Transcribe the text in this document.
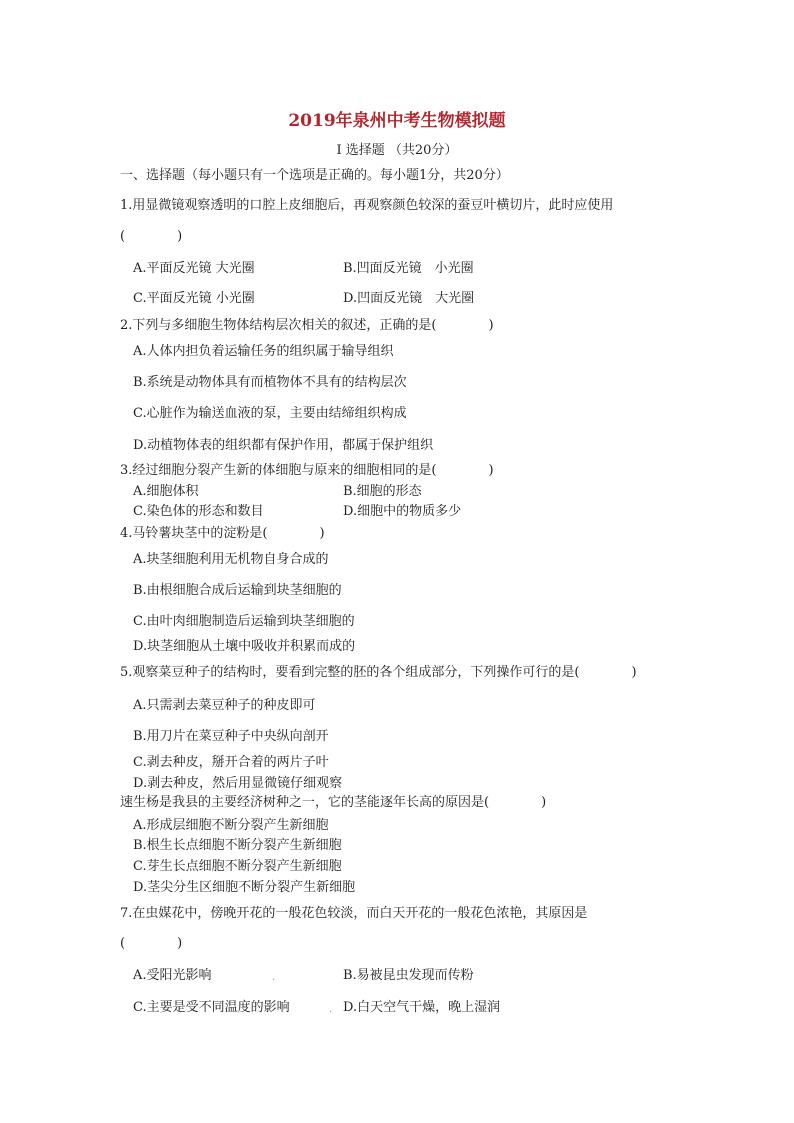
2019年泉州中考生物模拟题
I 选择题 （共20分）
一、选择题（每小题只有一个选项是正确的。每小题1分，共20分）
1.用显微镜观察透明的口腔上皮细胞后，再观察颜色较深的蚕豆叶横切片，此时应使用
(　　　　)
A.平面反光镜 大光圈	B.凹面反光镜　小光圈
C.平面反光镜 小光圈	D.凹面反光镜　大光圈
2.下列与多细胞生物体结构层次相关的叙述，正确的是(　　　　)
A.人体内担负着运输任务的组织属于输导组织
B.系统是动物体具有而植物体不具有的结构层次
C.心脏作为输送血液的泵，主要由结缔组织构成
D.动植物体表的组织都有保护作用，都属于保护组织
3.经过细胞分裂产生新的体细胞与原来的细胞相同的是(　　　　)
A.细胞体积	B.细胞的形态
C.染色体的形态和数目	D.细胞中的物质多少
4.马铃薯块茎中的淀粉是(　　　　)
A.块茎细胞利用无机物自身合成的
B.由根细胞合成后运输到块茎细胞的
C.由叶肉细胞制造后运输到块茎细胞的
D.块茎细胞从土壤中吸收并积累而成的
5.观察菜豆种子的结构时，要看到完整的胚的各个组成部分，下列操作可行的是(　　　　)
A.只需剥去菜豆种子的种皮即可
B.用刀片在菜豆种子中央纵向剖开
C.剥去种皮，掰开合着的两片子叶
D.剥去种皮，然后用显微镜仔细观察
速生杨是我县的主要经济树种之一，它的茎能逐年长高的原因是(　　　　)
A.形成层细胞不断分裂产生新细胞
B.根生长点细胞不断分裂产生新细胞
C.芽生长点细胞不断分裂产生新细胞
D.茎尖分生区细胞不断分裂产生新细胞
7.在虫媒花中，傍晚开花的一般花色较淡，而白天开花的一般花色浓艳，其原因是
(　　　　)
A.受阳光影响	B.易被昆虫发现而传粉
C.主要是受不同温度的影响	D.白天空气干燥，晚上湿润
.
.
